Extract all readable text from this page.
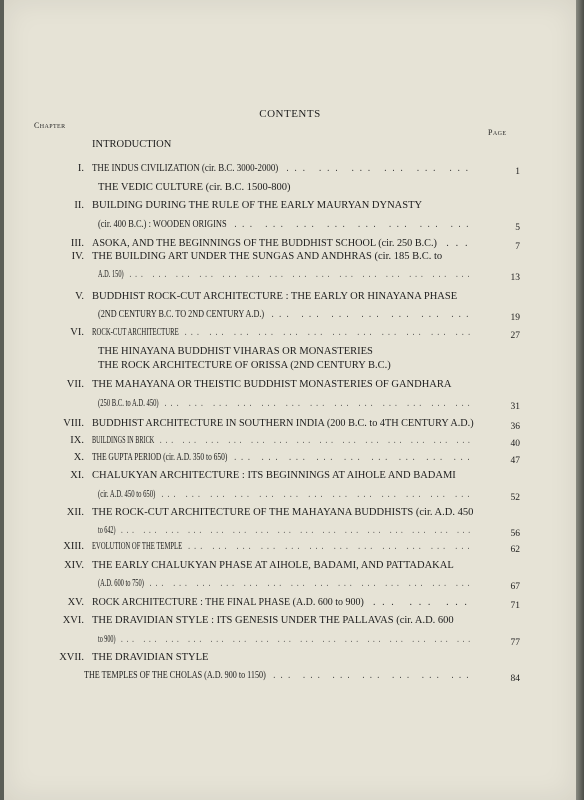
CONTENTS
Chapter
Page
INTRODUCTION
I. THE INDUS CIVILIZATION (cir. B.C. 3000-2000) ... ... ... ... ... ...	1
THE VEDIC CULTURE (cir. B.C. 1500-800)
II. BUILDING DURING THE RULE OF THE EARLY MAURYAN DYNASTY
(cir. 400 B.C.) : WOODEN ORIGINS ... ... ... ... ... ... ... ...	5
III. ASOKA, AND THE BEGINNINGS OF THE BUDDHIST SCHOOL (cir. 250 B.C.) ...	7
IV. THE BUILDING ART UNDER THE SUNGAS AND ANDHRAS (cir. 185 B.C. to
A.D. 150) ... ... ... ... ... ... ... ... ... ... ... ... ... ... ...	13
V. BUDDHIST ROCK-CUT ARCHITECTURE : THE EARLY OR HINAYANA PHASE
(2ND CENTURY B.C. TO 2ND CENTURY A.D.) ... ... ... ... ... ... ...	19
VI. ROCK-CUT ARCHITECTURE ... ... ... ... ... ... ... ... ... ... ... ...	27
THE HINAYANA BUDDHIST VIHARAS OR MONASTERIES
THE ROCK ARCHITECTURE OF ORISSA (2ND CENTURY B.C.)
VII. THE MAHAYANA OR THEISTIC BUDDHIST MONASTERIES OF GANDHARA
(250 B.C. to A.D. 450) ... ... ... ... ... ... ... ... ... ... ... ... ...	31
VIII. BUDDHIST ARCHITECTURE IN SOUTHERN INDIA (200 B.C. to 4TH CENTURY A.D.)	36
IX. BUILDINGS IN BRICK ... ... ... ... ... ... ... ... ... ... ... ... ... ...	40
X. THE GUPTA PERIOD (cir. A.D. 350 to 650) ... ... ... ... ... ... ... ... ...	47
XI. CHALUKYAN ARCHITECTURE : ITS BEGINNINGS AT AIHOLE AND BADAMI
(cir. A.D. 450 to 650) ... ... ... ... ... ... ... ... ... ... ... ... ...	52
XII. THE ROCK-CUT ARCHITECTURE OF THE MAHAYANA BUDDHISTS (cir. A.D. 450
to 642) ... ... ... ... ... ... ... ... ... ... ... ... ... ... ... ...	56
XIII. EVOLUTION OF THE TEMPLE ... ... ... ... ... ... ... ... ... ... ... ...	62
XIV. THE EARLY CHALUKYAN PHASE AT AIHOLE, BADAMI, AND PATTADAKAL
(A.D. 600 to 750) ... ... ... ... ... ... ... ... ... ... ... ... ... ...	67
XV. ROCK ARCHITECTURE : THE FINAL PHASE (A.D. 600 to 900) ... ... ...	71
XVI. THE DRAVIDIAN STYLE : ITS GENESIS UNDER THE PALLAVAS (cir. A.D. 600
to 900) ... ... ... ... ... ... ... ... ... ... ... ... ... ... ... ...	77
XVII. THE DRAVIDIAN STYLE
THE TEMPLES OF THE CHOLAS (A.D. 900 to 1150) ... ... ... ... ... ... ...	84
